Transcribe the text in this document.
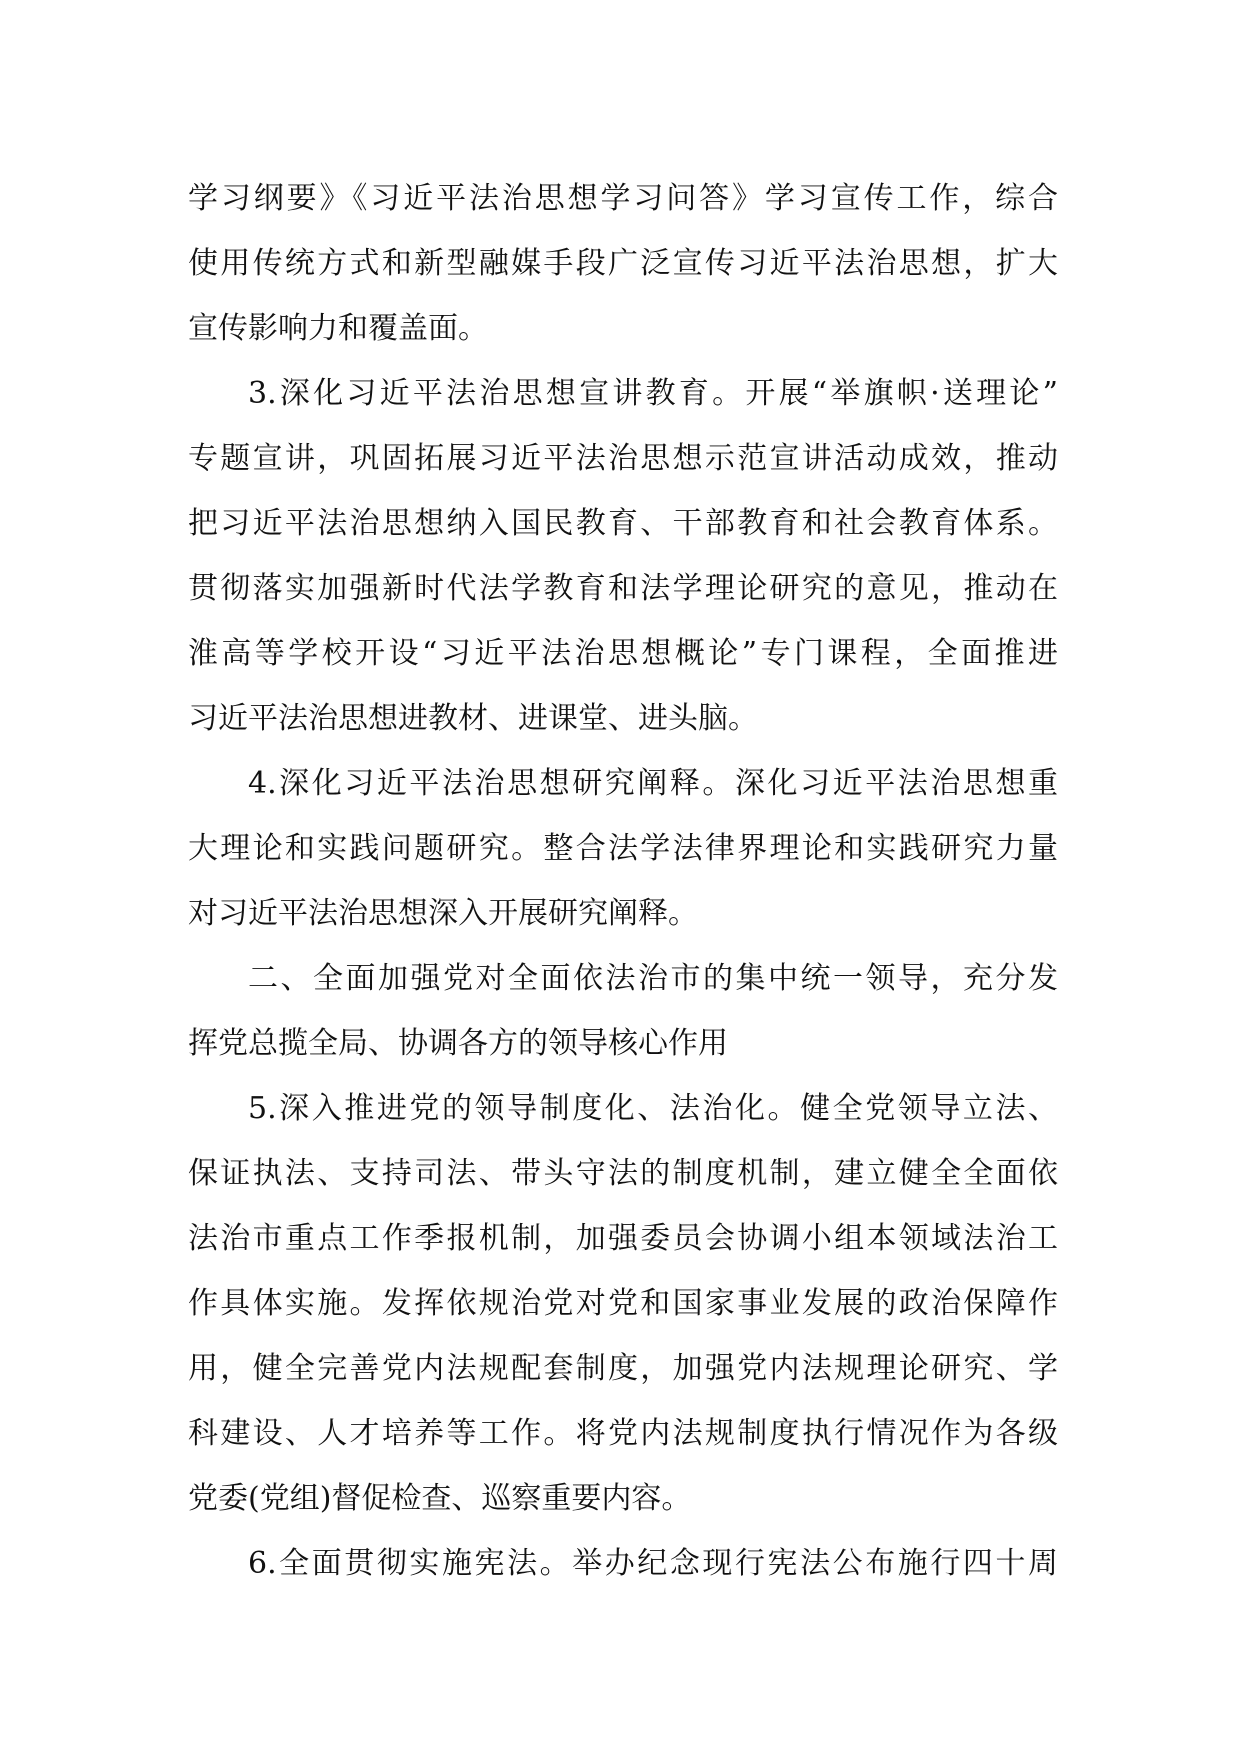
学习纲要》《习近平法治思想学习问答》学习宣传工作，综合
使用传统方式和新型融媒手段广泛宣传习近平法治思想，扩大
宣传影响力和覆盖面。

3.深化习近平法治思想宣讲教育。开展“举旗帜·送理论”
专题宣讲，巩固拓展习近平法治思想示范宣讲活动成效，推动
把习近平法治思想纳入国民教育、干部教育和社会教育体系。
贯彻落实加强新时代法学教育和法学理论研究的意见，推动在
淮高等学校开设“习近平法治思想概论”专门课程，全面推进
习近平法治思想进教材、进课堂、进头脑。

4.深化习近平法治思想研究阐释。深化习近平法治思想重
大理论和实践问题研究。整合法学法律界理论和实践研究力量
对习近平法治思想深入开展研究阐释。

二、全面加强党对全面依法治市的集中统一领导，充分发
挥党总揽全局、协调各方的领导核心作用

5.深入推进党的领导制度化、法治化。健全党领导立法、
保证执法、支持司法、带头守法的制度机制，建立健全全面依
法治市重点工作季报机制，加强委员会协调小组本领域法治工
作具体实施。发挥依规治党对党和国家事业发展的政治保障作
用，健全完善党内法规配套制度，加强党内法规理论研究、学
科建设、人才培养等工作。将党内法规制度执行情况作为各级
党委(党组)督促检查、巡察重要内容。

6.全面贯彻实施宪法。举办纪念现行宪法公布施行四十周
